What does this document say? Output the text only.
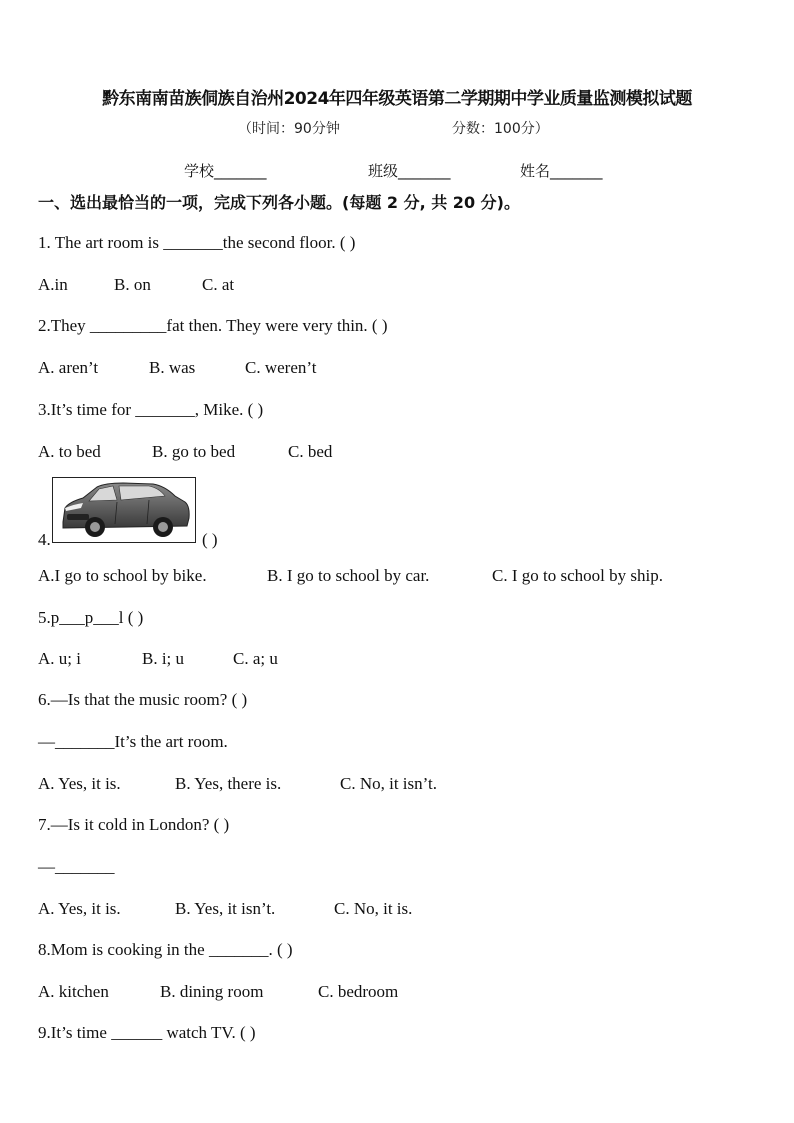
黔东南南苗族侗族自治州2024年四年级英语第二学期期中学业质量监测模拟试题
（时间：90分钟	分数：100分）
学校_______	班级_______	姓名_______
一、选出最恰当的一项，完成下列各小题。(每题 2 分, 共 20 分)。
1. The art room is _______the second floor. ( )
A.in	B. on	C. at
2.They _________fat then. They were very thin. ( )
A. aren’t	B. was	C. weren’t
3.It’s time for _______, Mike. ( )
A. to bed	B. go to bed	C. bed
4.	( )
A.I go to school by bike.	B. I go to school by car.	C. I go to school by ship.
5.p___p___l ( )
A. u; i	B. i; u	C. a; u
6.—Is that the music room? ( )
—_______It’s the art room.
A. Yes, it is.	B. Yes, there is.	C. No, it isn’t.
7.—Is it cold in London? ( )
—_______
A. Yes, it is.	B. Yes, it isn’t.	C. No, it is.
8.Mom is cooking in the _______. ( )
A. kitchen	B. dining room	C. bedroom
9.It’s time ______ watch TV. ( )
